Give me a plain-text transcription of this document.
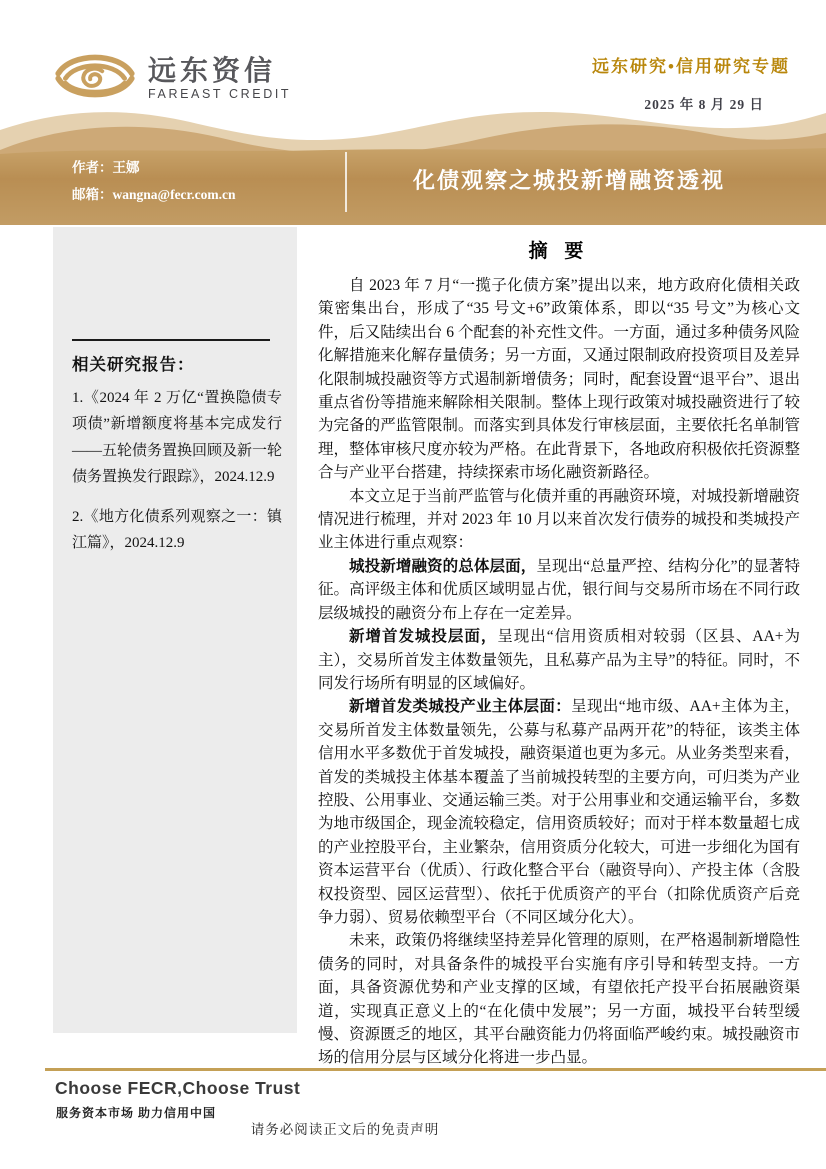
远东资信
FAREAST CREDIT
远东研究•信用研究专题
2025 年 8 月 29 日
作者：王娜
邮箱：wangna@fecr.com.cn
化债观察之城投新增融资透视
相关研究报告：

1.《2024 年 2 万亿“置换隐债专项债”新增额度将基本完成发行——五轮债务置换回顾及新一轮债务置换发行跟踪》，2024.12.9

2.《地方化债系列观察之一：镇江篇》，2024.12.9

摘 要

自 2023 年 7 月“一揽子化债方案”提出以来，地方政府化债相关政策密集出台，形成了“35 号文+6”政策体系，即以“35 号文”为核心文件，后又陆续出台 6 个配套的补充性文件。一方面，通过多种债务风险化解措施来化解存量债务；另一方面，又通过限制政府投资项目及差异化限制城投融资等方式遏制新增债务；同时，配套设置“退平台”、退出重点省份等措施来解除相关限制。整体上现行政策对城投融资进行了较为完备的严监管限制。而落实到具体发行审核层面，主要依托名单制管理，整体审核尺度亦较为严格。在此背景下，各地政府积极依托资源整合与产业平台搭建，持续探索市场化融资新路径。

本文立足于当前严监管与化债并重的再融资环境，对城投新增融资情况进行梳理，并对 2023 年 10 月以来首次发行债券的城投和类城投产业主体进行重点观察：

城投新增融资的总体层面，呈现出“总量严控、结构分化”的显著特征。高评级主体和优质区域明显占优，银行间与交易所市场在不同行政层级城投的融资分布上存在一定差异。

新增首发城投层面，呈现出“信用资质相对较弱（区县、AA+为主），交易所首发主体数量领先，且私募产品为主导”的特征。同时，不同发行场所有明显的区域偏好。

新增首发类城投产业主体层面：呈现出“地市级、AA+主体为主，交易所首发主体数量领先，公募与私募产品两开花”的特征，该类主体信用水平多数优于首发城投，融资渠道也更为多元。从业务类型来看，首发的类城投主体基本覆盖了当前城投转型的主要方向，可归类为产业控股、公用事业、交通运输三类。对于公用事业和交通运输平台，多数为地市级国企，现金流较稳定，信用资质较好；而对于样本数量超七成的产业控股平台，主业繁杂，信用资质分化较大，可进一步细化为国有资本运营平台（优质）、行政化整合平台（融资导向）、产投主体（含股权投资型、园区运营型）、依托于优质资产的平台（扣除优质资产后竞争力弱）、贸易依赖型平台（不同区域分化大）。

未来，政策仍将继续坚持差异化管理的原则，在严格遏制新增隐性债务的同时，对具备条件的城投平台实施有序引导和转型支持。一方面，具备资源优势和产业支撑的区域，有望依托产投平台拓展融资渠道，实现真正意义上的“在化债中发展”；另一方面，城投平台转型缓慢、资源匮乏的地区，其平台融资能力仍将面临严峻约束。城投融资市场的信用分层与区域分化将进一步凸显。

Choose FECR,Choose Trust
服务资本市场 助力信用中国
请务必阅读正文后的免责声明
